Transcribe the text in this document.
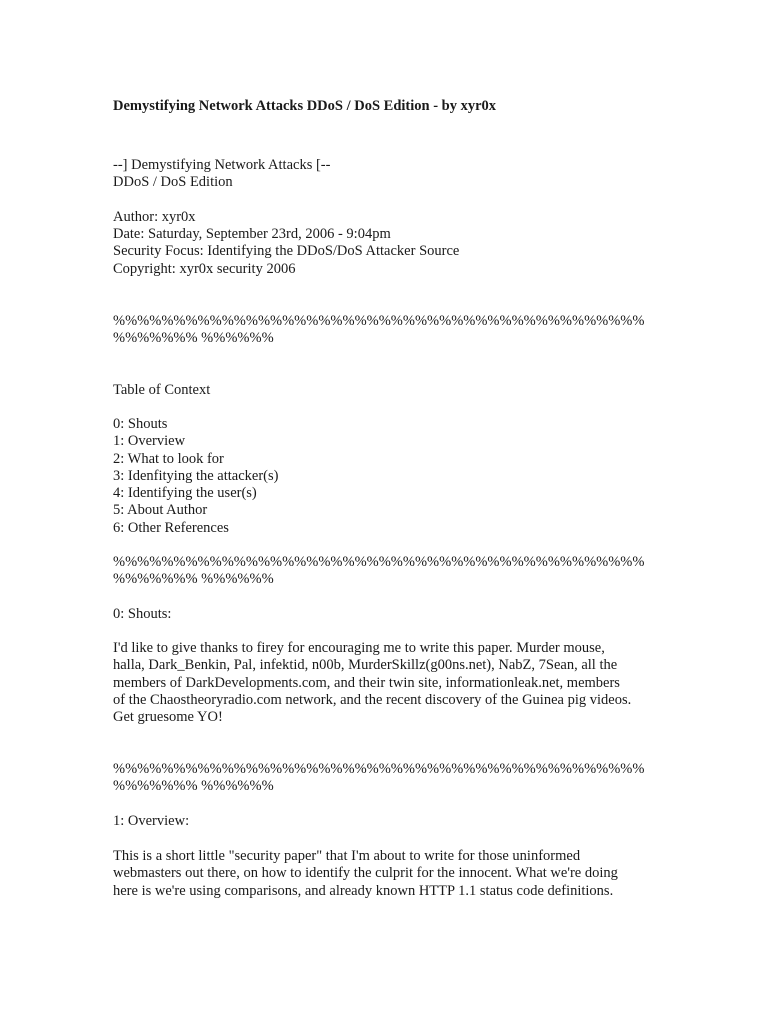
Demystifying Network Attacks DDoS / DoS Edition - by xyr0x

--] Demystifying Network Attacks [--

DDoS / DoS Edition

Author: xyr0x

Date: Saturday, September 23rd, 2006 - 9:04pm

Security Focus: Identifying the DDoS/DoS Attacker Source

Copyright: xyr0x security 2006

%%%%%%%%%%%%%%%%%%%%%%%%%%%%%%%%%%%%%%%%%%%%

%%%%%%% %%%%%%

Table of Context

0: Shouts

1: Overview

2: What to look for

3: Idenfitying the attacker(s)

4: Identifying the user(s)

5: About Author

6: Other References

%%%%%%%%%%%%%%%%%%%%%%%%%%%%%%%%%%%%%%%%%%%%

%%%%%%% %%%%%%

0: Shouts:

I'd like to give thanks to firey for encouraging me to write this paper. Murder mouse,
halla, Dark_Benkin, Pal, infektid, n00b, MurderSkillz(g00ns.net), NabZ, 7Sean, all the
members of DarkDevelopments.com, and their twin site, informationleak.net, members
of the Chaostheoryradio.com network, and the recent discovery of the Guinea pig videos.
Get gruesome YO!

%%%%%%%%%%%%%%%%%%%%%%%%%%%%%%%%%%%%%%%%%%%%

%%%%%%% %%%%%%

1: Overview:

This is a short little "security paper" that I'm about to write for those uninformed
webmasters out there, on how to identify the culprit for the innocent. What we're doing
here is we're using comparisons, and already known HTTP 1.1 status code definitions.
